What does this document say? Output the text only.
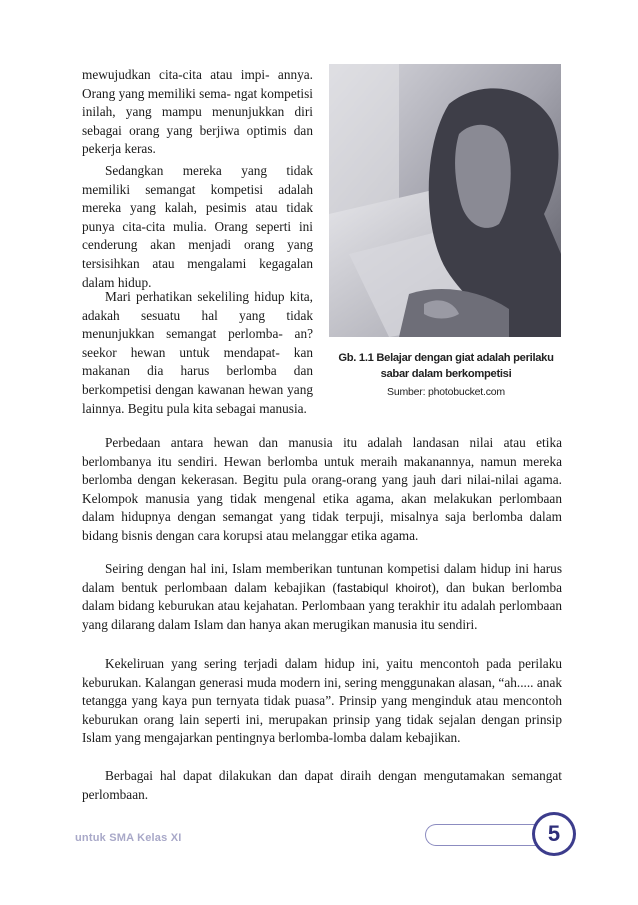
mewujudkan cita-cita atau impi- annya. Orang yang memiliki sema- ngat kompetisi inilah, yang mampu menunjukkan diri sebagai orang yang berjiwa optimis dan pekerja keras.

Sedangkan mereka yang tidak memiliki semangat kompetisi adalah mereka yang kalah, pesimis atau tidak punya cita-cita mulia. Orang seperti ini cenderung akan menjadi orang yang tersisihkan atau mengalami kegagalan dalam hidup.

Mari perhatikan sekeliling hidup kita, adakah sesuatu hal yang tidak menunjukkan semangat perlomba- an? seekor hewan untuk mendapat- kan makanan dia harus berlomba dan berkompetisi dengan kawanan hewan yang lainnya. Begitu pula kita sebagai manusia.

Gb. 1.1 Belajar dengan giat adalah perilaku
sabar dalam berkompetisi
Sumber: photobucket.com

Perbedaan antara hewan dan manusia itu adalah landasan nilai atau etika berlombanya itu sendiri. Hewan berlomba untuk meraih makanannya, namun mereka berlomba dengan kekerasan. Begitu pula orang-orang yang jauh dari nilai-nilai agama. Kelompok manusia yang tidak mengenal etika agama, akan melakukan perlombaan dalam hidupnya dengan semangat yang tidak terpuji, misalnya saja berlomba dalam bidang bisnis dengan cara korupsi atau melanggar etika agama.

Seiring dengan hal ini, Islam memberikan tuntunan kompetisi dalam hidup ini harus dalam bentuk perlombaan dalam kebajikan (fastabiqul khoirot), dan bukan berlomba dalam bidang keburukan atau kejahatan. Perlombaan yang terakhir itu adalah perlombaan yang dilarang dalam Islam dan hanya akan merugikan manusia itu sendiri.

Kekeliruan yang sering terjadi dalam hidup ini, yaitu mencontoh pada perilaku keburukan. Kalangan generasi muda modern ini, sering menggunakan alasan, “ah..... anak tetangga yang kaya pun ternyata tidak puasa”. Prinsip yang menginduk atau mencontoh keburukan orang lain seperti ini, merupakan prinsip yang tidak sejalan dengan prinsip Islam yang mengajarkan pentingnya berlomba-lomba dalam kebajikan.

Berbagai hal dapat dilakukan dan dapat diraih dengan mengutamakan semangat perlombaan.

untuk SMA Kelas XI	5
